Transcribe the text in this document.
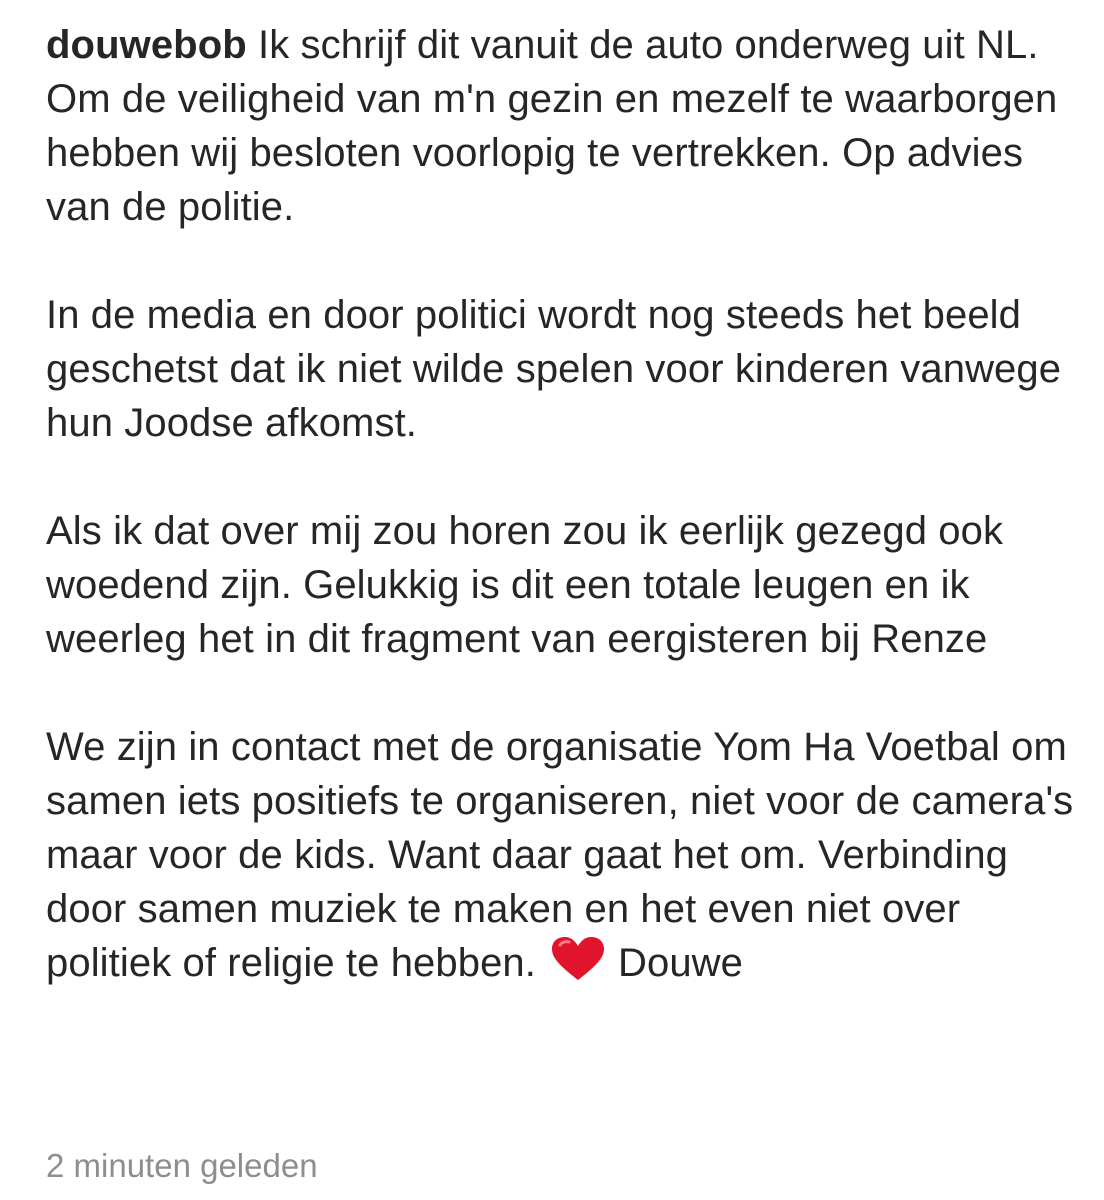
douwebob Ik schrijf dit vanuit de auto onderweg uit NL. Om de veiligheid van m'n gezin en mezelf te waarborgen hebben wij besloten voorlopig te vertrekken. Op advies van de politie.

In de media en door politici wordt nog steeds het beeld geschetst dat ik niet wilde spelen voor kinderen vanwege hun Joodse afkomst.

Als ik dat over mij zou horen zou ik eerlijk gezegd ook woedend zijn. Gelukkig is dit een totale leugen en ik weerleg het in dit fragment van eergisteren bij Renze

We zijn in contact met de organisatie Yom Ha Voetbal om samen iets positiefs te organiseren, niet voor de camera's maar voor de kids. Want daar gaat het om. Verbinding door samen muziek te maken en het even niet over politiek of religie te hebben. Douwe

2 minuten geleden
